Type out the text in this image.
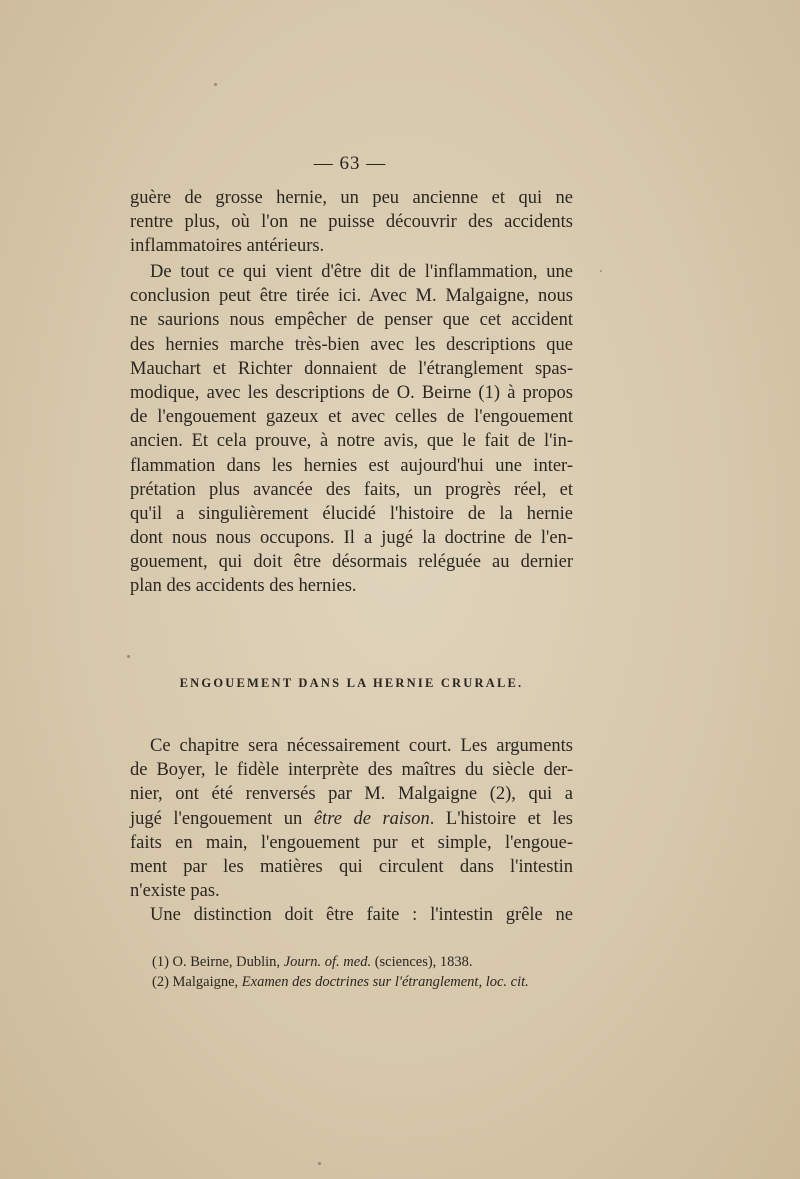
— 63 —
guère de grosse hernie, un peu ancienne et qui ne
rentre plus, où l'on ne puisse découvrir des accidents
inflammatoires antérieurs.
De tout ce qui vient d'être dit de l'inflammation, une
conclusion peut être tirée ici. Avec M. Malgaigne, nous
ne saurions nous empêcher de penser que cet accident
des hernies marche très-bien avec les descriptions que
Mauchart et Richter donnaient de l'étranglement spas-
modique, avec les descriptions de O. Beirne (1) à propos
de l'engouement gazeux et avec celles de l'engouement
ancien. Et cela prouve, à notre avis, que le fait de l'in-
flammation dans les hernies est aujourd'hui une inter-
prétation plus avancée des faits, un progrès réel, et
qu'il a singulièrement élucidé l'histoire de la hernie
dont nous nous occupons. Il a jugé la doctrine de l'en-
gouement, qui doit être désormais reléguée au dernier
plan des accidents des hernies.
ENGOUEMENT DANS LA HERNIE CRURALE.
Ce chapitre sera nécessairement court. Les arguments
de Boyer, le fidèle interprète des maîtres du siècle der-
nier, ont été renversés par M. Malgaigne (2), qui a
jugé l'engouement un être de raison. L'histoire et les
faits en main, l'engouement pur et simple, l'engoue-
ment par les matières qui circulent dans l'intestin
n'existe pas.
Une distinction doit être faite : l'intestin grêle ne
(1) O. Beirne, Dublin, Journ. of. med. (sciences), 1838.
(2) Malgaigne, Examen des doctrines sur l'étranglement, loc. cit.
